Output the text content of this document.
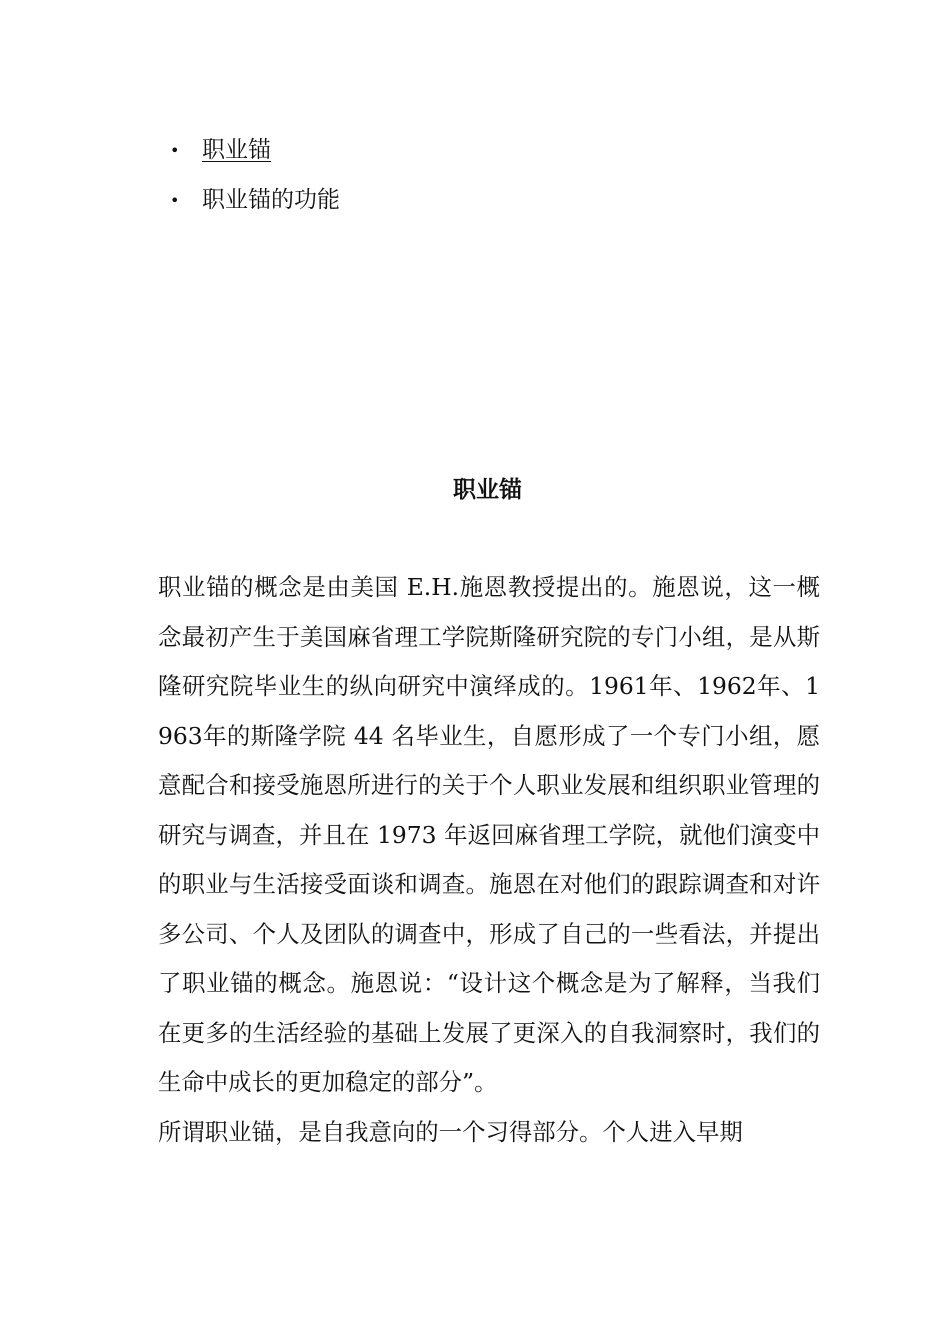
• 职业锚
• 职业锚的功能
职业锚

职业锚的概念是由美国 E.H.施恩教授提出的。施恩说，这一概念最初产生于美国麻省理工学院斯隆研究院的专门小组，是从斯隆研究院毕业生的纵向研究中演绎成的。1961年、1962年、1963年的斯隆学院 44 名毕业生，自愿形成了一个专门小组，愿意配合和接受施恩所进行的关于个人职业发展和组织职业管理的研究与调查，并且在 1973 年返回麻省理工学院，就他们演变中的职业与生活接受面谈和调查。施恩在对他们的跟踪调查和对许多公司、个人及团队的调查中，形成了自己的一些看法，并提出了职业锚的概念。施恩说：“设计这个概念是为了解释，当我们在更多的生活经验的基础上发展了更深入的自我洞察时，我们的生命中成长的更加稳定的部分”。

所谓职业锚，是自我意向的一个习得部分。个人进入早期
